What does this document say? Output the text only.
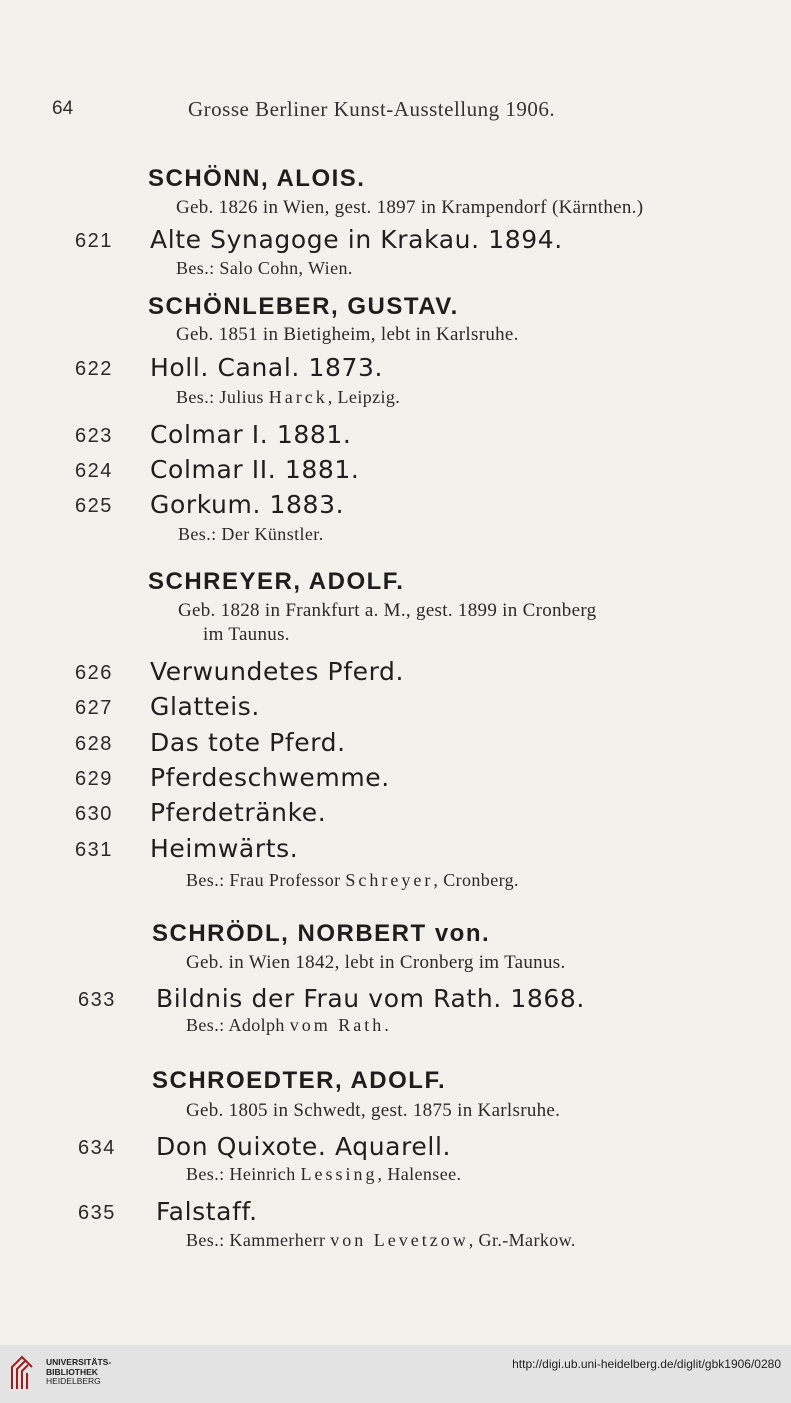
64	Grosse Berliner Kunst-Ausstellung 1906.
SCHÖNN, ALOIS.
Geb. 1826 in Wien, gest. 1897 in Krampendorf (Kärnthen.)
621 Alte Synagoge in Krakau. 1894.
Bes.: Salo Cohn, Wien.
SCHÖNLEBER, GUSTAV.
Geb. 1851 in Bietigheim, lebt in Karlsruhe.
622 Holl. Canal. 1873.
Bes.: Julius Harck, Leipzig.
623 Colmar I. 1881.
624 Colmar II. 1881.
625 Gorkum. 1883.
Bes.: Der Künstler.
SCHREYER, ADOLF.
Geb. 1828 in Frankfurt a. M., gest. 1899 in Cronberg
im Taunus.
626 Verwundetes Pferd.
627 Glatteis.
628 Das tote Pferd.
629 Pferdeschwemme.
630 Pferdetränke.
631 Heimwärts.
Bes.: Frau Professor Schreyer, Cronberg.
SCHRÖDL, NORBERT von.
Geb. in Wien 1842, lebt in Cronberg im Taunus.
633 Bildnis der Frau vom Rath. 1868.
Bes.: Adolph vom Rath.
SCHROEDTER, ADOLF.
Geb. 1805 in Schwedt, gest. 1875 in Karlsruhe.
634 Don Quixote. Aquarell.
Bes.: Heinrich Lessing, Halensee.
635 Falstaff.
Bes.: Kammerherr von Levetzow, Gr.-Markow.
UNIVERSITÄTS-
BIBLIOTHEK
HEIDELBERG
http://digi.ub.uni-heidelberg.de/diglit/gbk1906/0280
